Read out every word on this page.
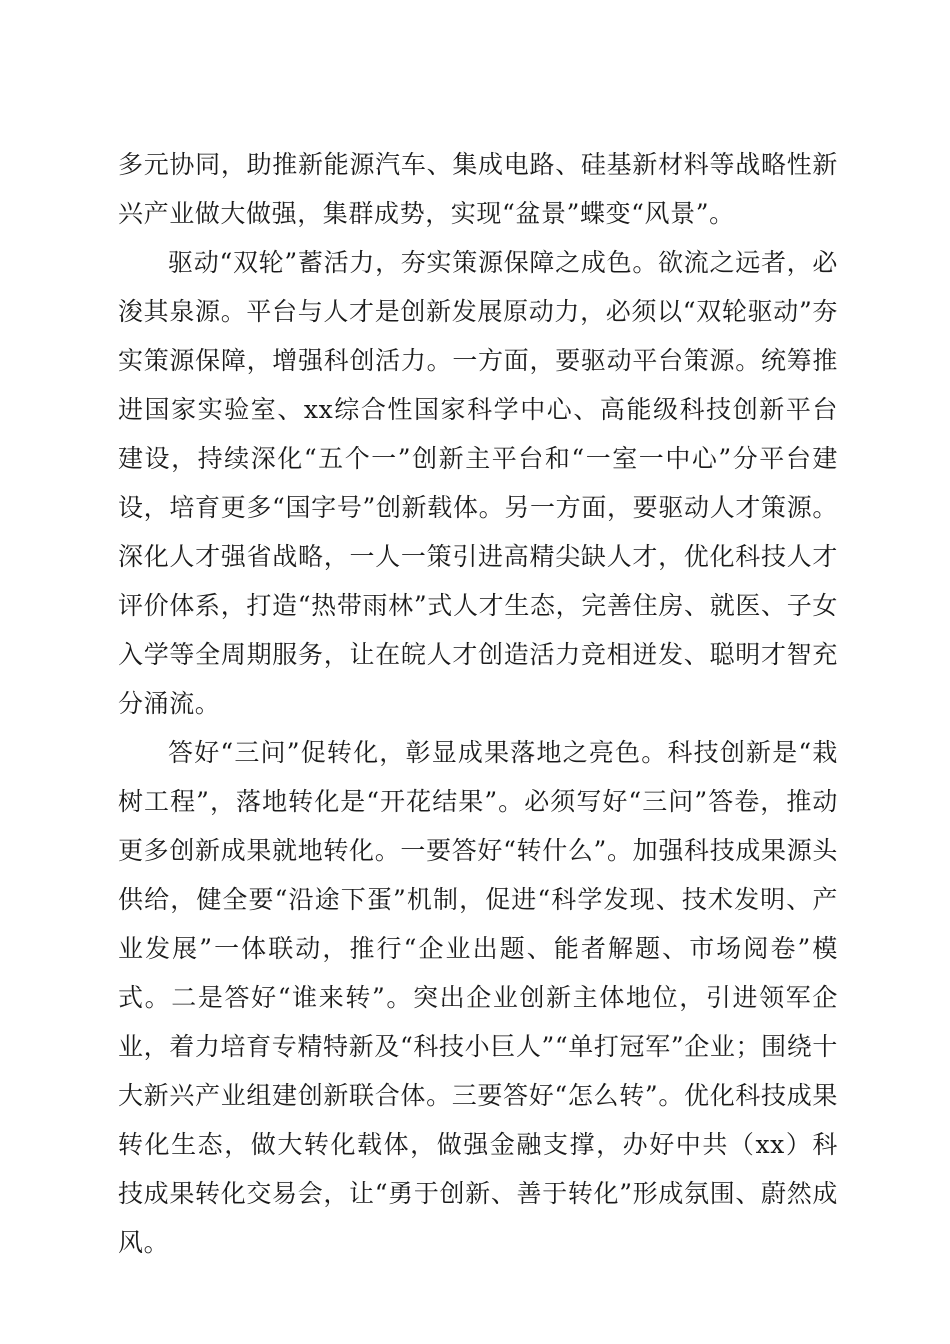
多元协同，助推新能源汽车、集成电路、硅基新材料等战略性新兴产业做大做强，集群成势，实现“盆景”蝶变“风景”。

驱动“双轮”蓄活力，夯实策源保障之成色。欲流之远者，必浚其泉源。平台与人才是创新发展原动力，必须以“双轮驱动”夯实策源保障，增强科创活力。一方面，要驱动平台策源。统筹推进国家实验室、xx综合性国家科学中心、高能级科技创新平台建设，持续深化“五个一”创新主平台和“一室一中心”分平台建设，培育更多“国字号”创新载体。另一方面，要驱动人才策源。深化人才强省战略，一人一策引进高精尖缺人才，优化科技人才评价体系，打造“热带雨林”式人才生态，完善住房、就医、子女入学等全周期服务，让在皖人才创造活力竞相迸发、聪明才智充分涌流。

答好“三问”促转化，彰显成果落地之亮色。科技创新是“栽树工程”，落地转化是“开花结果”。必须写好“三问”答卷，推动更多创新成果就地转化。一要答好“转什么”。加强科技成果源头供给，健全要“沿途下蛋”机制，促进“科学发现、技术发明、产业发展”一体联动，推行“企业出题、能者解题、市场阅卷”模式。二是答好“谁来转”。突出企业创新主体地位，引进领军企业，着力培育专精特新及“科技小巨人”“单打冠军”企业；围绕十大新兴产业组建创新联合体。三要答好“怎么转”。优化科技成果转化生态，做大转化载体，做强金融支撑，办好中共（xx）科技成果转化交易会，让“勇于创新、善于转化”形成氛围、蔚然成风。
